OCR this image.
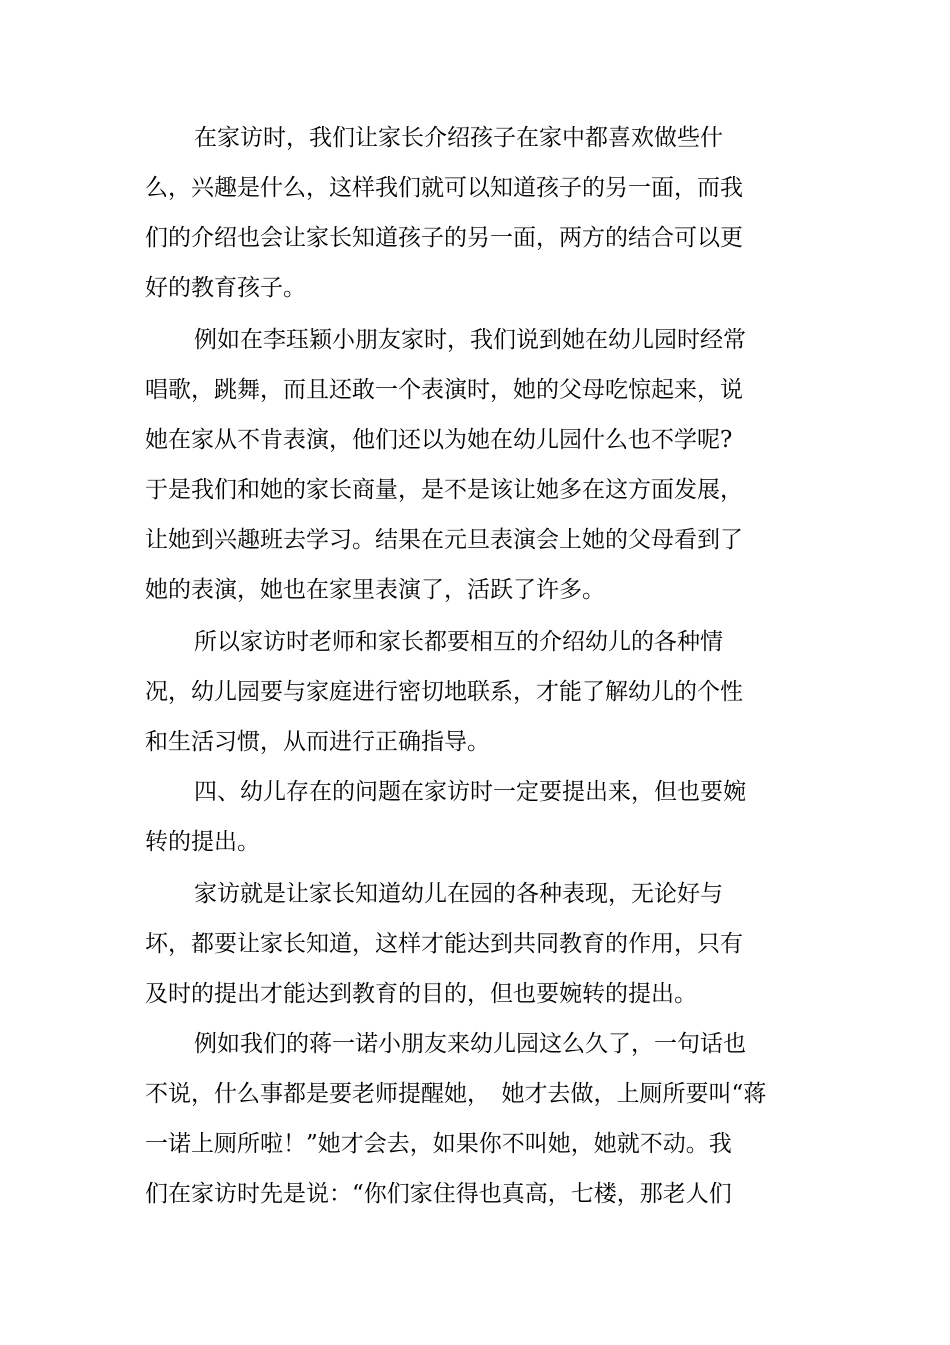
在家访时，我们让家长介绍孩子在家中都喜欢做些什
么，兴趣是什么，这样我们就可以知道孩子的另一面，而我
们的介绍也会让家长知道孩子的另一面，两方的结合可以更
好的教育孩子。
例如在李珏颖小朋友家时，我们说到她在幼儿园时经常
唱歌，跳舞，而且还敢一个表演时，她的父母吃惊起来，说
她在家从不肯表演，他们还以为她在幼儿园什么也不学呢?
于是我们和她的家长商量，是不是该让她多在这方面发展，
让她到兴趣班去学习。结果在元旦表演会上她的父母看到了
她的表演，她也在家里表演了，活跃了许多。
所以家访时老师和家长都要相互的介绍幼儿的各种情
况，幼儿园要与家庭进行密切地联系，才能了解幼儿的个性
和生活习惯，从而进行正确指导。
四、幼儿存在的问题在家访时一定要提出来，但也要婉
转的提出。
家访就是让家长知道幼儿在园的各种表现，无论好与
坏，都要让家长知道，这样才能达到共同教育的作用，只有
及时的提出才能达到教育的目的，但也要婉转的提出。
例如我们的蒋一诺小朋友来幼儿园这么久了，一句话也
不说，什么事都是要老师提醒她，　她才去做，上厕所要叫“蒋
一诺上厕所啦！”她才会去，如果你不叫她，她就不动。我
们在家访时先是说：“你们家住得也真高，七楼，那老人们
